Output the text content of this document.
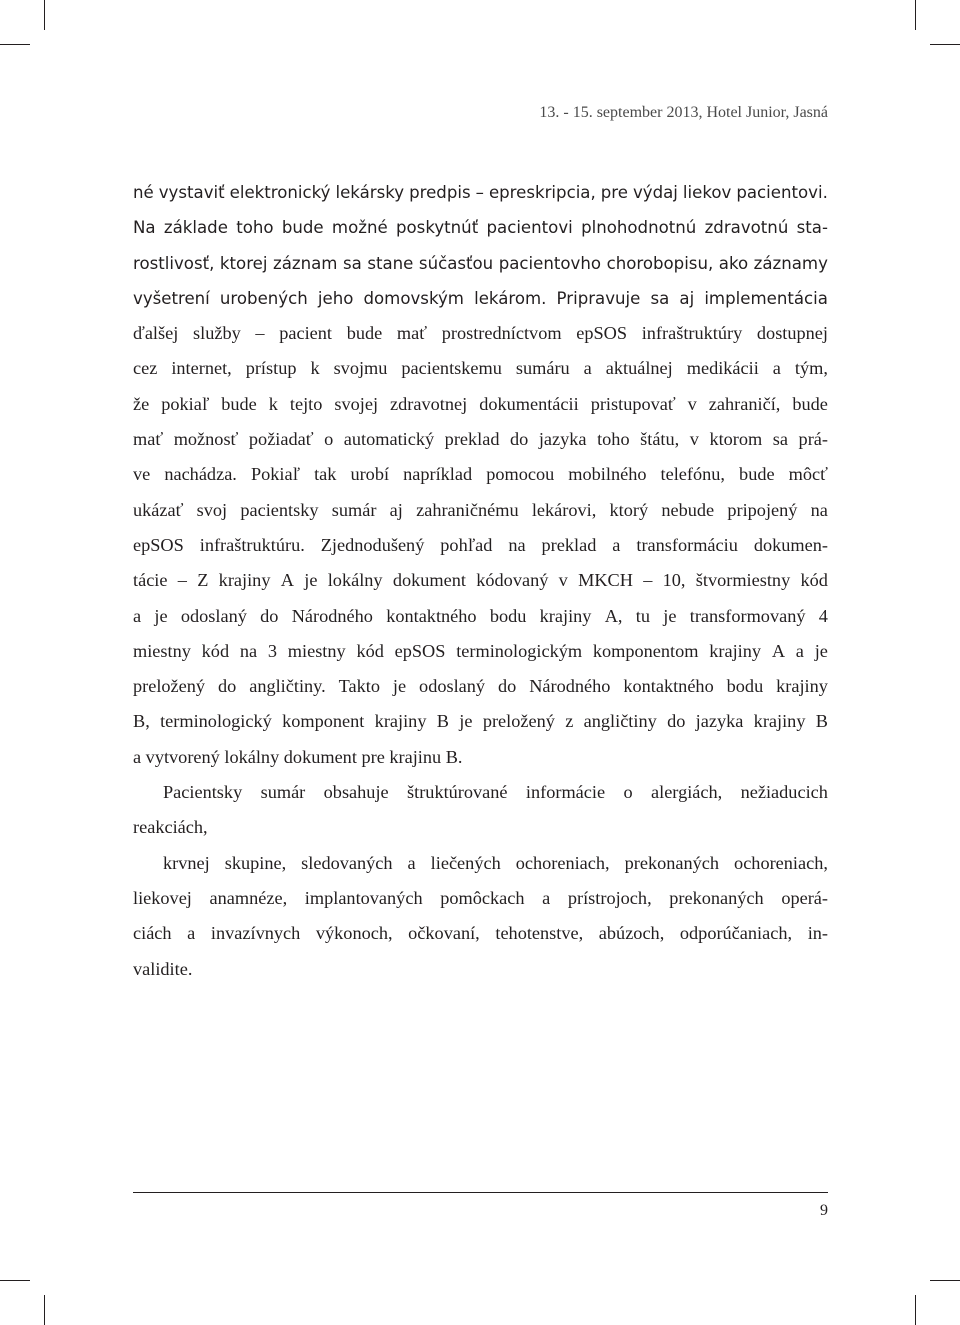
13. - 15. september 2013, Hotel Junior, Jasná
né vystaviť elektronický lekársky predpis – epreskripcia, pre výdaj liekov pacientovi.
Na základe toho bude možné poskytnúť pacientovi plnohodnotnú zdravotnú sta-
rostlivosť, ktorej záznam sa stane súčasťou pacientovho chorobopisu, ako záznamy
vyšetrení urobených jeho domovským lekárom. Pripravuje sa aj implementácia
ďalšej služby – pacient bude mať prostredníctvom epSOS infraštruktúry dostupnej
cez internet, prístup k svojmu pacientskemu sumáru a aktuálnej medikácii a tým,
že pokiaľ bude k tejto svojej zdravotnej dokumentácii pristupovať v zahraničí, bude
mať možnosť požiadať o automatický preklad do jazyka toho štátu, v ktorom sa prá-
ve nachádza. Pokiaľ tak urobí napríklad pomocou mobilného telefónu, bude môcť
ukázať svoj pacientsky sumár aj zahraničnému lekárovi, ktorý nebude pripojený na
epSOS infraštruktúru. Zjednodušený pohľad na preklad a transformáciu dokumen-
tácie – Z krajiny A je lokálny dokument kódovaný v MKCH – 10, štvormiestny kód
a je odoslaný do Národného kontaktného bodu krajiny A, tu je transformovaný 4
miestny kód na 3 miestny kód epSOS terminologickým komponentom krajiny A a je
preložený do angličtiny. Takto je odoslaný do Národného kontaktného bodu krajiny
B, terminologický komponent krajiny B je preložený z angličtiny do jazyka krajiny B
a vytvorený lokálny dokument pre krajinu B.
Pacientsky sumár obsahuje štruktúrované informácie o alergiách, nežiaducich
reakciách,
krvnej skupine, sledovaných a liečených ochoreniach, prekonaných ochoreniach,
liekovej anamnéze, implantovaných pomôckach a prístrojoch, prekonaných operá-
ciách a invazívnych výkonoch, očkovaní, tehotenstve, abúzoch, odporúčaniach, in-
validite.
9
